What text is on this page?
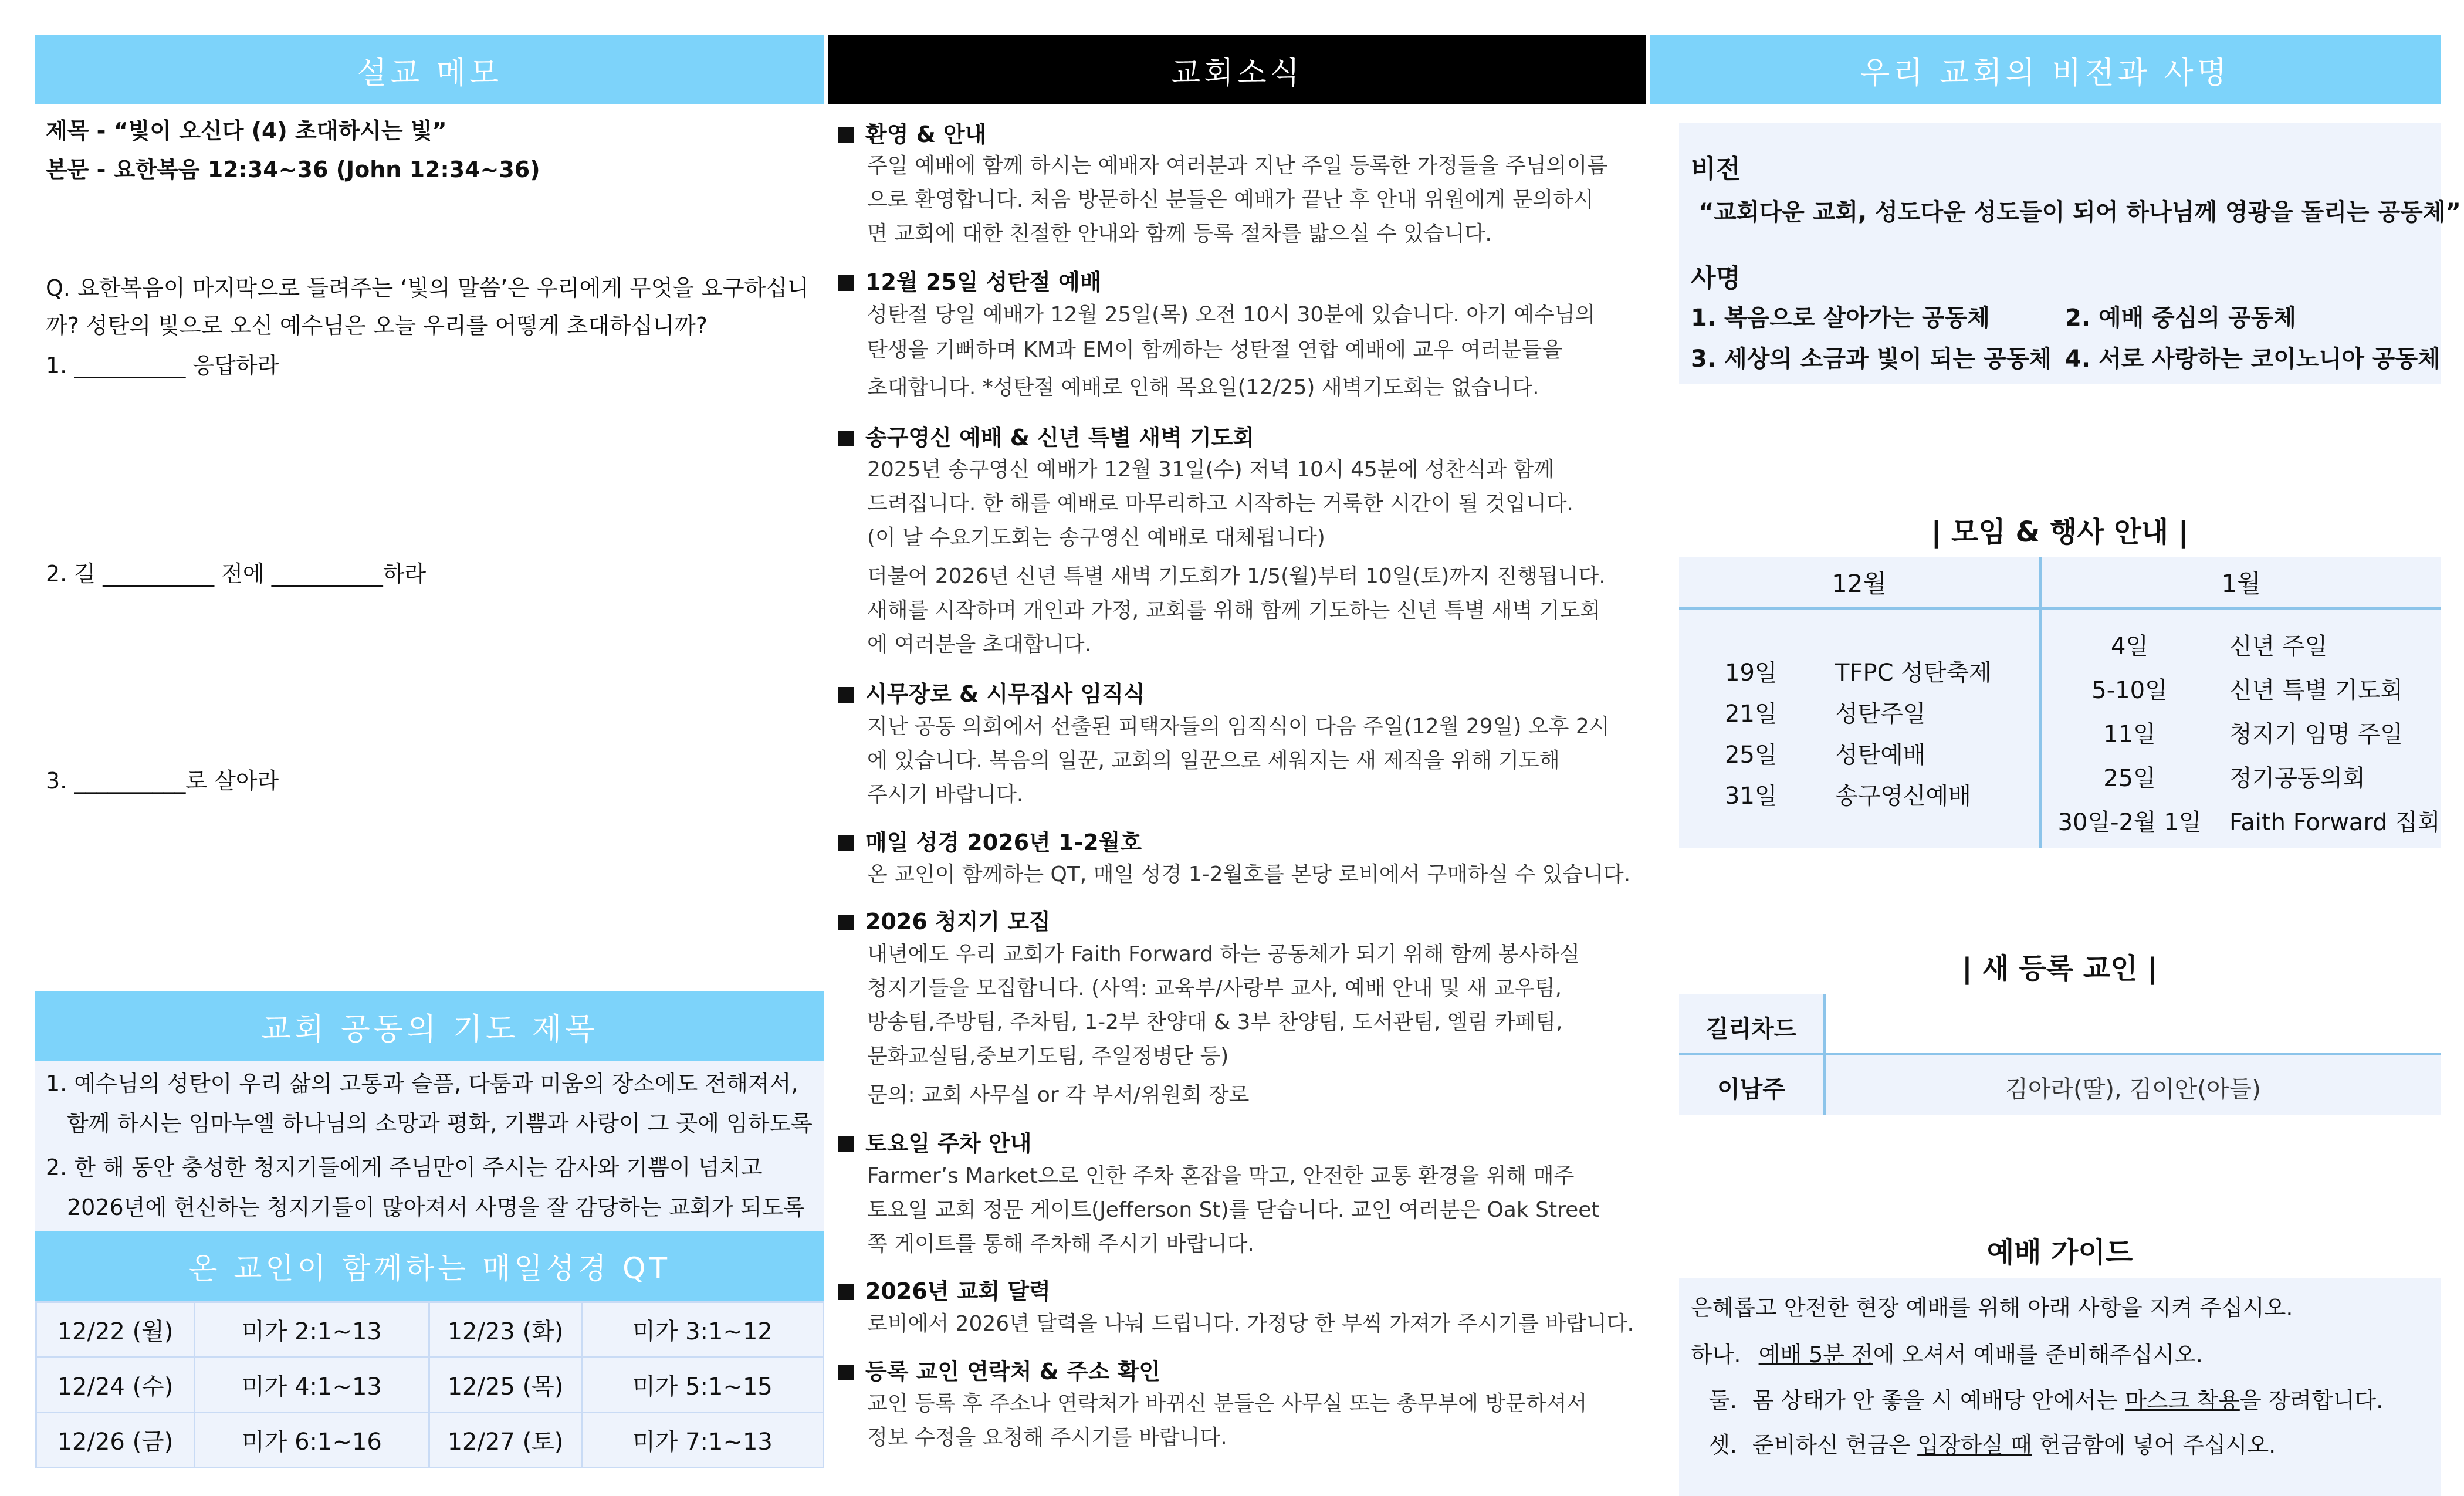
설교 메모	교회소식	우리 교회의 비전과 사명
제목 - “빛이 오신다 (4) 초대하시는 빛”
본문 - 요한복음 12:34~36 (John 12:34~36)
Q. 요한복음이 마지막으로 들려주는 ‘빛의 말씀’은 우리에게 무엇을 요구하십니
까? 성탄의 빛으로 오신 예수님은 오늘 우리를 어떻게 초대하십니까?
1. __________ 응답하라
2. 길 __________ 전에 __________하라
3. __________로 살아라
교회 공동의 기도 제목
1. 예수님의 성탄이 우리 삶의 고통과 슬픔, 다툼과 미움의 장소에도 전해져서,
함께 하시는 임마누엘 하나님의 소망과 평화, 기쁨과 사랑이 그 곳에 임하도록
2. 한 해 동안 충성한 청지기들에게 주님만이 주시는 감사와 기쁨이 넘치고
2026년에 헌신하는 청지기들이 많아져서 사명을 잘 감당하는 교회가 되도록
온 교인이 함께하는 매일성경 QT
12/22 (월)	미가 2:1~13	12/23 (화)	미가 3:1~12
12/24 (수)	미가 4:1~13	12/25 (목)	미가 5:1~15
12/26 (금)	미가 6:1~16	12/27 (토)	미가 7:1~13
환영 & 안내
주일 예배에 함께 하시는 예배자 여러분과 지난 주일 등록한 가정들을 주님의이름
으로 환영합니다. 처음 방문하신 분들은 예배가 끝난 후 안내 위원에게 문의하시
면 교회에 대한 친절한 안내와 함께 등록 절차를 밟으실 수 있습니다.
12월 25일 성탄절 예배
성탄절 당일 예배가 12월 25일(목) 오전 10시 30분에 있습니다. 아기 예수님의
탄생을 기뻐하며 KM과 EM이 함께하는 성탄절 연합 예배에 교우 여러분들을
초대합니다. *성탄절 예배로 인해 목요일(12/25) 새벽기도회는 없습니다.
송구영신 예배 & 신년 특별 새벽 기도회
2025년 송구영신 예배가 12월 31일(수) 저녁 10시 45분에 성찬식과 함께
드려집니다. 한 해를 예배로 마무리하고 시작하는 거룩한 시간이 될 것입니다.
(이 날 수요기도회는 송구영신 예배로 대체됩니다)
더불어 2026년 신년 특별 새벽 기도회가 1/5(월)부터 10일(토)까지 진행됩니다.
새해를 시작하며 개인과 가정, 교회를 위해 함께 기도하는 신년 특별 새벽 기도회
에 여러분을 초대합니다.
시무장로 & 시무집사 임직식
지난 공동 의회에서 선출된 피택자들의 임직식이 다음 주일(12월 29일) 오후 2시
에 있습니다. 복음의 일꾼, 교회의 일꾼으로 세워지는 새 제직을 위해 기도해
주시기 바랍니다.
매일 성경 2026년 1-2월호
온 교인이 함께하는 QT, 매일 성경 1-2월호를 본당 로비에서 구매하실 수 있습니다.
2026 청지기 모집
내년에도 우리 교회가 Faith Forward 하는 공동체가 되기 위해 함께 봉사하실
청지기들을 모집합니다. (사역: 교육부/사랑부 교사, 예배 안내 및 새 교우팀,
방송팀,주방팀, 주차팀, 1-2부 찬양대 & 3부 찬양팀, 도서관팀, 엘림 카페팀,
문화교실팀,중보기도팀, 주일정병단 등)
문의: 교회 사무실 or 각 부서/위원회 장로
토요일 주차 안내
Farmer’s Market으로 인한 주차 혼잡을 막고, 안전한 교통 환경을 위해 매주
토요일 교회 정문 게이트(Jefferson St)를 닫습니다. 교인 여러분은 Oak Street
쪽 게이트를 통해 주차해 주시기 바랍니다.
2026년 교회 달력
로비에서 2026년 달력을 나눠 드립니다. 가정당 한 부씩 가져가 주시기를 바랍니다.
등록 교인 연락처 & 주소 확인
교인 등록 후 주소나 연락처가 바뀌신 분들은 사무실 또는 총무부에 방문하셔서
정보 수정을 요청해 주시기를 바랍니다.
비전
“교회다운 교회, 성도다운 성도들이 되어 하나님께 영광을 돌리는 공동체”
사명
1. 복음으로 살아가는 공동체	2. 예배 중심의 공동체
3. 세상의 소금과 빛이 되는 공동체 4. 서로 사랑하는 코이노니아 공동체
| 모임 & 행사 안내 |
12월	1월
19일 TFPC 성탄축제
21일 성탄주일
25일 성탄예배
31일 송구영신예배
4일	신년 주일
5-10일	신년 특별 기도회
11일	청지기 임명 주일
25일	정기공동의회
30일-2월 1일	Faith Forward 집회
| 새 등록 교인 |
길리차드
이남주	김아라(딸), 김이안(아들)
예배 가이드
은혜롭고 안전한 현장 예배를 위해 아래 사항을 지켜 주십시오.
하나. 예배 5분 전에 오셔서 예배를 준비해주십시오.
둘. 몸 상태가 안 좋을 시 예배당 안에서는 마스크 착용을 장려합니다.
셋. 준비하신 헌금은 입장하실 때 헌금함에 넣어 주십시오.
